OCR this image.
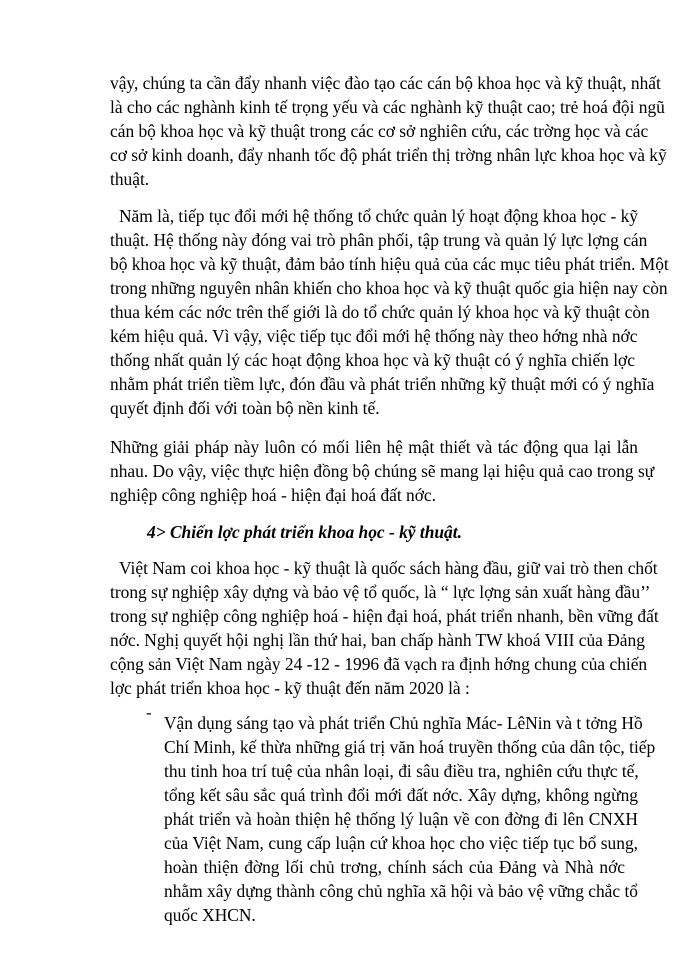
vậy, chúng ta cần đẩy nhanh việc đào tạo các cán bộ khoa học và kỹ thuật, nhất
là cho các nghành kinh tế trọng yếu và các nghành kỹ thuật cao; trẻ hoá đội ngũ
cán bộ khoa học và kỹ thuật trong các cơ sở nghiên cứu, các trờng học và các
cơ sở kinh doanh, đẩy nhanh tốc độ phát triển thị trờng nhân lực khoa học và kỹ
thuật.
Năm là, tiếp tục đổi mới hệ thống tổ chức quản lý hoạt động khoa học - kỹ
thuật. Hệ thống này đóng vai trò phân phối, tập trung và quản lý lực lợng cán
bộ khoa học và kỹ thuật, đảm bảo tính hiệu quả của các mục tiêu phát triển. Một
trong những nguyên nhân khiến cho khoa học và kỹ thuật quốc gia hiện nay còn
thua kém các nớc trên thế giới là do tổ chức quản lý khoa học và kỹ thuật còn
kém hiệu quả. Vì vậy, việc tiếp tục đổi mới hệ thống này theo hớng nhà nớc
thống nhất quản lý các hoạt động khoa học và kỹ thuật có ý nghĩa chiến lợc
nhằm phát triển tiềm lực, đón đầu và phát triển những kỹ thuật mới có ý nghĩa
quyết định đối với toàn bộ nền kinh tế.
Những giải pháp này luôn có mối liên hệ mật thiết và tác động qua lại lẫn
nhau. Do vậy, việc thực hiện đồng bộ chúng sẽ mang lại hiệu quả cao trong sự
nghiệp công nghiệp hoá - hiện đại hoá đất nớc.
4> Chiến lợc phát triển khoa học - kỹ thuật.
Việt Nam coi khoa học - kỹ thuật là quốc sách hàng đầu, giữ vai trò then chốt
trong sự nghiệp xây dựng và bảo vệ tổ quốc, là “ lực lợng sản xuất hàng đầu’’
trong sự nghiệp công nghiệp hoá - hiện đại hoá, phát triển nhanh, bền vững đất
nớc. Nghị quyết hội nghị lần thứ hai, ban chấp hành TW khoá VIII của Đảng
cộng sản Việt Nam ngày 24 -12 - 1996 đã vạch ra định hớng chung của chiến
lợc phát triển khoa học - kỹ thuật đến năm 2020 là :
-
Vận dụng sáng tạo và phát triển Chủ nghĩa Mác- LêNin và t tởng Hồ
Chí Minh, kế thừa những giá trị văn hoá truyền thống của dân tộc, tiếp
thu tinh hoa trí tuệ của nhân loại, đi sâu điều tra, nghiên cứu thực tế,
tổng kết sâu sắc quá trình đổi mới đất nớc. Xây dựng, không ngừng
phát triển và hoàn thiện hệ thống lý luận về con đờng đi lên CNXH
của Việt Nam, cung cấp luận cứ khoa học cho việc tiếp tục bổ sung,
hoàn thiện đờng lối chủ trơng, chính sách của Đảng và Nhà nớc
nhằm xây dựng thành công chủ nghĩa xã hội và bảo vệ vững chắc tổ
quốc XHCN.
